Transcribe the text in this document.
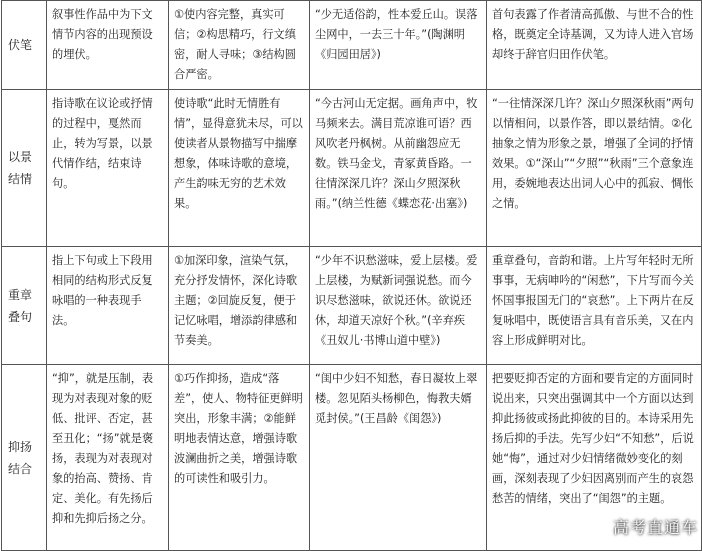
伏笔	叙事性作品中为下文情节内容的出现预设的埋伏。	①使内容完整，真实可信；②构思精巧，行文缜密，耐人寻味；③结构圆合严密。	“少无适俗韵，性本爱丘山。误落尘网中，一去三十年。”(陶渊明《归园田居》)	首句表露了作者清高孤傲、与世不合的性格，既奠定全诗基调，又为诗人进入官场却终于辞官归田作伏笔。
以景结情	指诗歌在议论或抒情的过程中，戛然而止，转为写景，以景代情作结，结束诗句。	使诗歌“此时无情胜有情”，显得意犹未尽，可以使读者从景物描写中揣摩想象，体味诗歌的意境，产生韵味无穷的艺术效果。	“今古河山无定据。画角声中，牧马频来去。满目荒凉谁可语？西风吹老丹枫树。从前幽怨应无数。铁马金戈，青冢黄昏路。一往情深深几许？深山夕照深秋雨。”(纳兰性德《蝶恋花·出塞》)	“一往情深深几许？深山夕照深秋雨”两句以情相问，以景作答，即以景结情。②化抽象之情为形象之景，增强了全词的抒情效果。①“深山”“夕照”“秋雨”三个意象连用，委婉地表达出词人心中的孤寂、惆怅之情。
重章叠句	指上下句或上下段用相同的结构形式反复咏唱的一种表现手法。	①加深印象，渲染气氛，充分抒发情怀，深化诗歌主题；②回旋反复，便于记忆咏唱，增添韵律感和节奏美。	“少年不识愁滋味，爱上层楼。爱上层楼，为赋新词强说愁。而今识尽愁滋味，欲说还休。欲说还休，却道天凉好个秋。”(辛弃疾《丑奴儿·书博山道中壁》)	重章叠句，音韵和谐。上片写年轻时无所事事，无病呻吟的“闲愁”，下片写而今关怀国事报国无门的“哀愁”。上下两片在反复咏唱中，既使语言具有音乐美，又在内容上形成鲜明对比。
抑扬结合	“抑”，就是压制，表现为对表现对象的贬低、批评、否定，甚至丑化；“扬”就是褒扬，表现为对表现对象的抬高、赞扬、肯定、美化。有先扬后抑和先抑后扬之分。	①巧作抑扬，造成“落差”，使人、物特征更鲜明突出，形象丰满；②能鲜明地表情达意，增强诗歌波澜曲折之美，增强诗歌的可读性和吸引力。	“闺中少妇不知愁，春日凝妆上翠楼。忽见陌头杨柳色，悔教夫婿觅封侯。”(王昌龄《闺怨》)	把要贬抑否定的方面和要肯定的方面同时说出来，只突出强调其中一个方面以达到抑此扬彼或扬此抑彼的目的。本诗采用先扬后抑的手法。先写少妇“不知愁”，后说她“悔”，通过对少妇情绪微妙变化的刻画，深刻表现了少妇因离别而产生的哀怨愁苦的情绪，突出了“闺怨”的主题。
高考直通车
